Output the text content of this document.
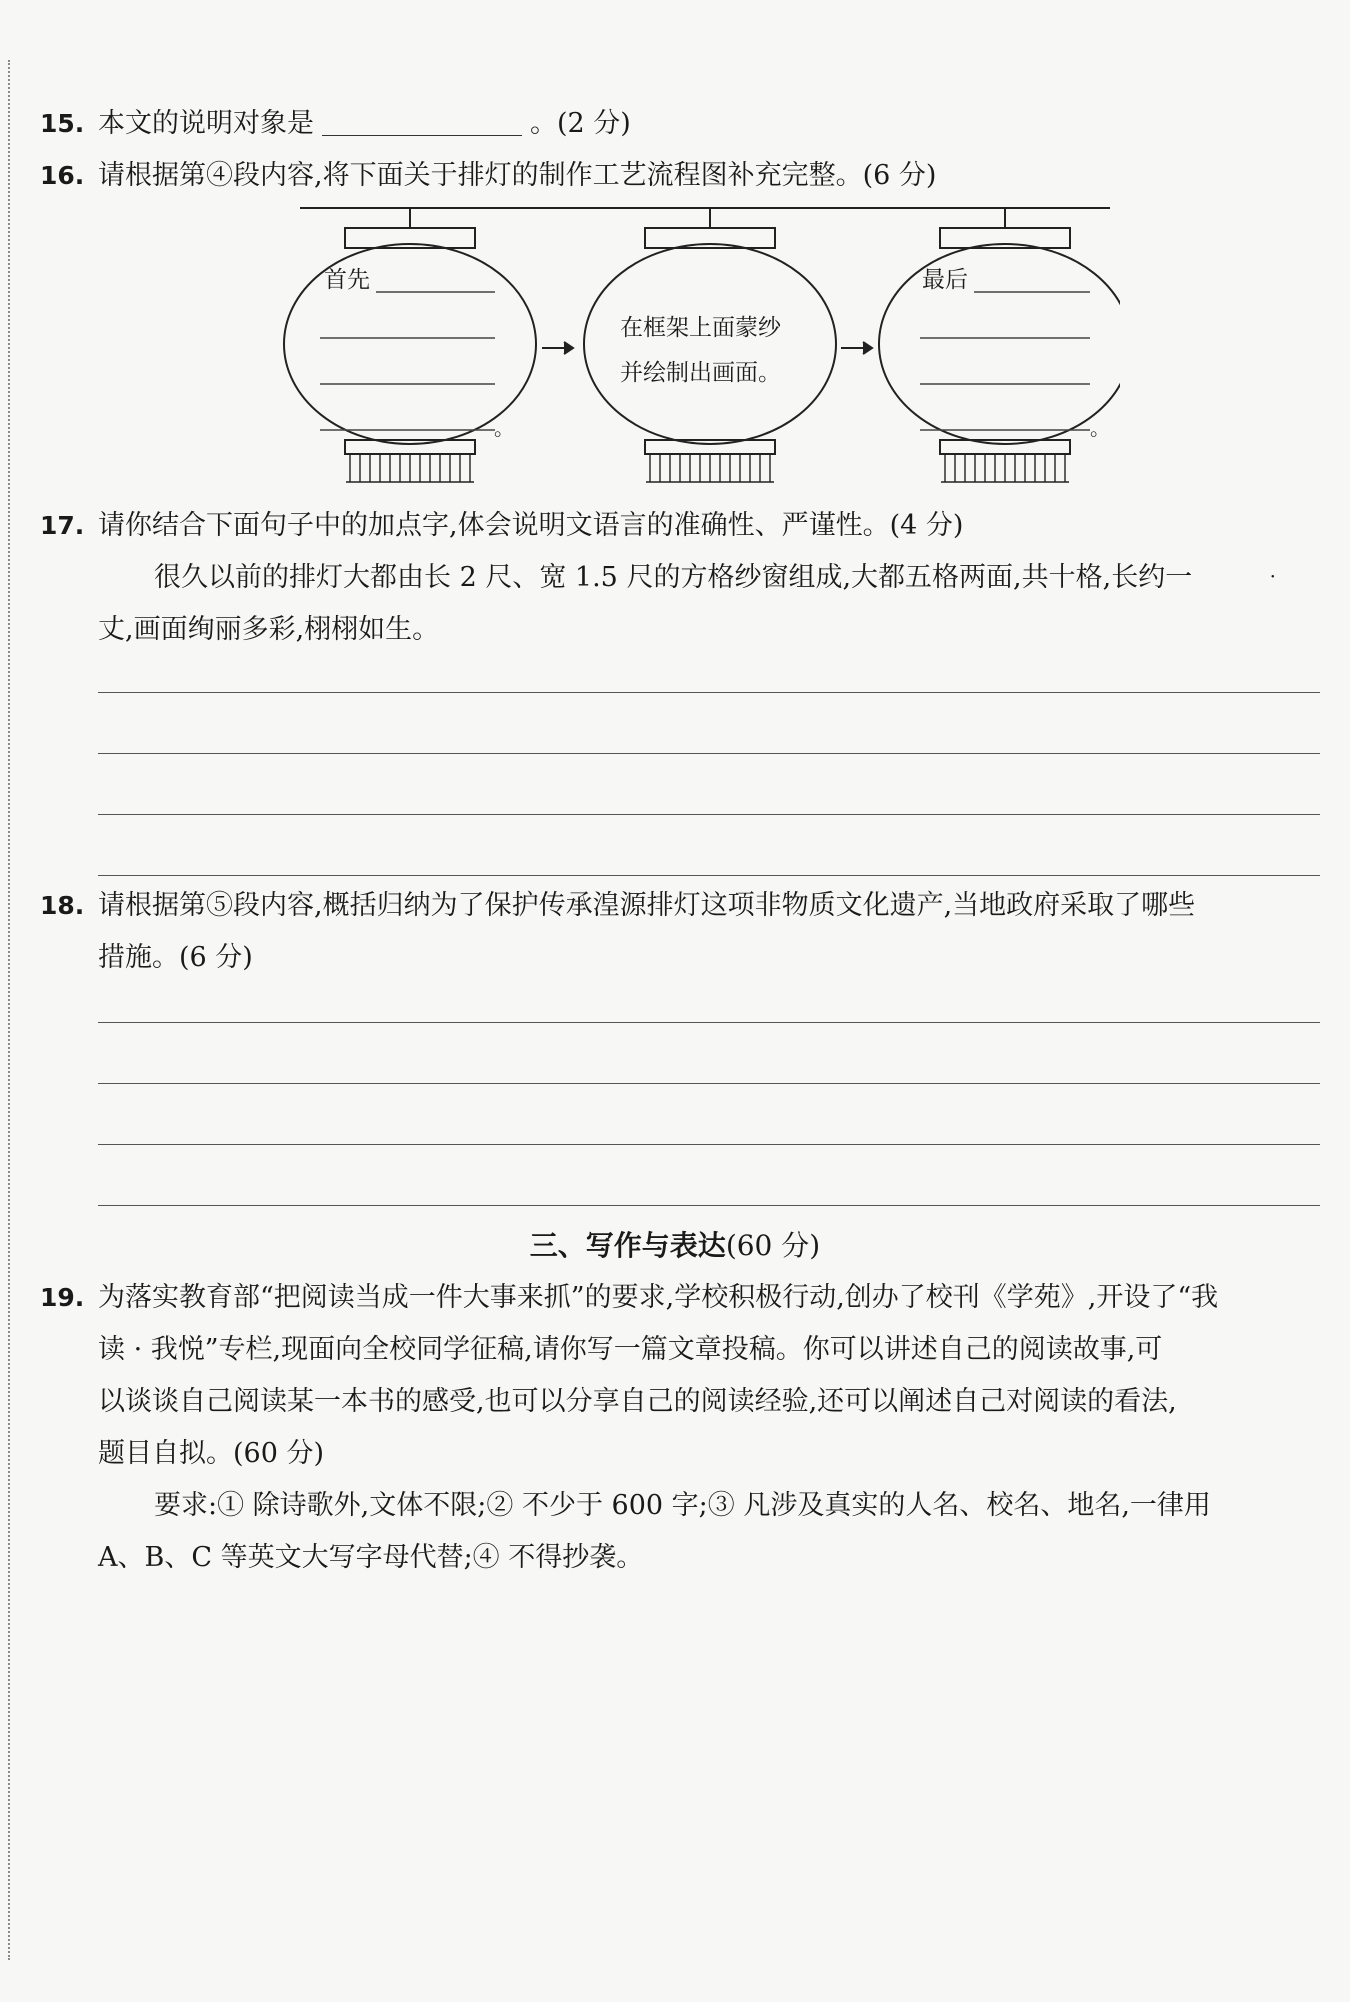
15. 本文的说明对象是	。(2 分)
16. 请根据第④段内容,将下面关于排灯的制作工艺流程图补充完整。(6 分)
首先
。
在框架上面蒙纱
并绘制出画面。
最后
。
17. 请你结合下面句子中的加点字,体会说明文语言的准确性、严谨性。(4 分)
很久以前的排灯大都由长 2 尺、宽 1.5 尺的方格纱窗组成,大都五格两面,共十格,长约一	·
丈,画面绚丽多彩,栩栩如生。
18. 请根据第⑤段内容,概括归纳为了保护传承湟源排灯这项非物质文化遗产,当地政府采取了哪些
措施。(6 分)
三、写作与表达(60 分)
19. 为落实教育部“把阅读当成一件大事来抓”的要求,学校积极行动,创办了校刊《学苑》,开设了“我
读 · 我悦”专栏,现面向全校同学征稿,请你写一篇文章投稿。你可以讲述自己的阅读故事,可
以谈谈自己阅读某一本书的感受,也可以分享自己的阅读经验,还可以阐述自己对阅读的看法,
题目自拟。(60 分)
要求:① 除诗歌外,文体不限;② 不少于 600 字;③ 凡涉及真实的人名、校名、地名,一律用
A、B、C 等英文大写字母代替;④ 不得抄袭。
